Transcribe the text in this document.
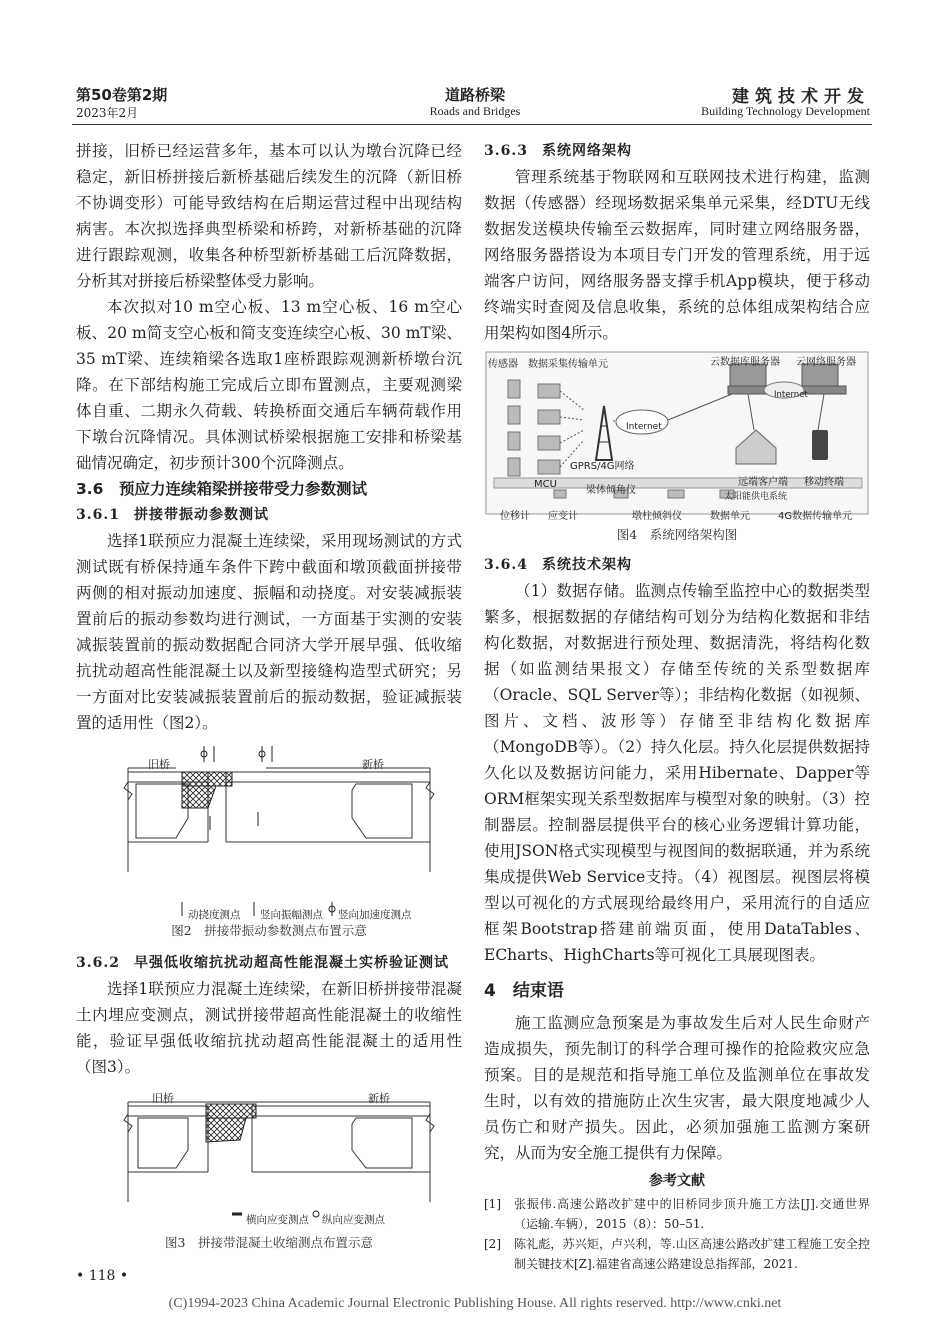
第50卷第2期
2023年2月
道路桥梁
Roads and Bridges
建筑技术开发
Building Technology Development

拼接，旧桥已经运营多年，基本可以认为墩台沉降已经稳定，新旧桥拼接后新桥基础后续发生的沉降（新旧桥不协调变形）可能导致结构在后期运营过程中出现结构病害。本次拟选择典型桥梁和桥跨，对新桥基础的沉降进行跟踪观测，收集各种桥型新桥基础工后沉降数据，分析其对拼接后桥梁整体受力影响。

本次拟对10 m空心板、13 m空心板、16 m空心板、20 m简支空心板和简支变连续空心板、30 mT梁、35 mT梁、连续箱梁各选取1座桥跟踪观测新桥墩台沉降。在下部结构施工完成后立即布置测点，主要观测梁体自重、二期永久荷载、转换桥面交通后车辆荷载作用下墩台沉降情况。具体测试桥梁根据施工安排和桥梁基础情况确定，初步预计300个沉降测点。

3.6　预应力连续箱梁拼接带受力参数测试
3.6.1 拼接带振动参数测试

选择1联预应力混凝土连续梁，采用现场测试的方式测试既有桥保持通车条件下跨中截面和墩顶截面拼接带两侧的相对振动加速度、振幅和动挠度。对安装减振装置前后的振动参数均进行测试，一方面基于实测的安装减振装置前的振动数据配合同济大学开展早强、低收缩抗扰动超高性能混凝土以及新型接缝构造型式研究；另一方面对比安装减振装置前后的振动数据，验证减振装置的适用性（图2）。

旧桥	新桥
动挠度测点 竖向振幅测点 竖向加速度测点
图2　拼接带振动参数测点布置示意
3.6.2 早强低收缩抗扰动超高性能混凝土实桥验证测试

选择1联预应力混凝土连续梁，在新旧桥拼接带混凝土内埋应变测点，测试拼接带超高性能混凝土的收缩性能，验证早强低收缩抗扰动超高性能混凝土的适用性（图3）。

旧桥	新桥
横向应变测点 纵向应变测点
图3　拼接带混凝土收缩测点布置示意
3.6.3 系统网络架构

管理系统基于物联网和互联网技术进行构建，监测数据（传感器）经现场数据采集单元采集，经DTU无线数据发送模块传输至云数据库，同时建立网络服务器，网络服务器搭设为本项目专门开发的管理系统，用于远端客户访问，网络服务器支撑手机App模块，便于移动终端实时查阅及信息收集，系统的总体组成架构结合应用架构如图4所示。

传感器 数据采集传输单元	云数据库服务器 云网络服务器
Internet
Internet
GPRS/4G网络
MCU
梁体倾角仪
远端客户端 移动终端
太阳能供电系统
位移计 应变计	墩柱倾斜仪	数据单元	4G数据传输单元
图4　系统网络架构图
3.6.4 系统技术架构

（1）数据存储。监测点传输至监控中心的数据类型繁多，根据数据的存储结构可划分为结构化数据和非结构化数据，对数据进行预处理、数据清洗，将结构化数据（如监测结果报文）存储至传统的关系型数据库（Oracle、SQL Server等）；非结构化数据（如视频、图片、文档、波形等）存储至非结构化数据库（MongoDB等）。（2）持久化层。持久化层提供数据持久化以及数据访问能力，采用Hibernate、Dapper等ORM框架实现关系型数据库与模型对象的映射。（3）控制器层。控制器层提供平台的核心业务逻辑计算功能，使用JSON格式实现模型与视图间的数据联通，并为系统集成提供Web Service支持。（4）视图层。视图层将模型以可视化的方式展现给最终用户，采用流行的自适应框架Bootstrap搭建前端页面，使用DataTables、ECharts、HighCharts等可视化工具展现图表。

4　结束语

施工监测应急预案是为事故发生后对人民生命财产造成损失，预先制订的科学合理可操作的抢险救灾应急预案。目的是规范和指导施工单位及监测单位在事故发生时，以有效的措施防止次生灾害，最大限度地减少人员伤亡和财产损失。因此，必须加强施工监测方案研究，从而为安全施工提供有力保障。

参考文献
[1] 张振伟.高速公路改扩建中的旧桥同步顶升施工方法[J].交通世界（运输.车辆），2015（8）：50–51.
[2] 陈礼彪，苏兴矩，卢兴利，等.山区高速公路改扩建工程施工安全控制关键技术[Z].福建省高速公路建设总指挥部，2021.
• 118 •
(C)1994-2023 China Academic Journal Electronic Publishing House. All rights reserved. http://www.cnki.net
